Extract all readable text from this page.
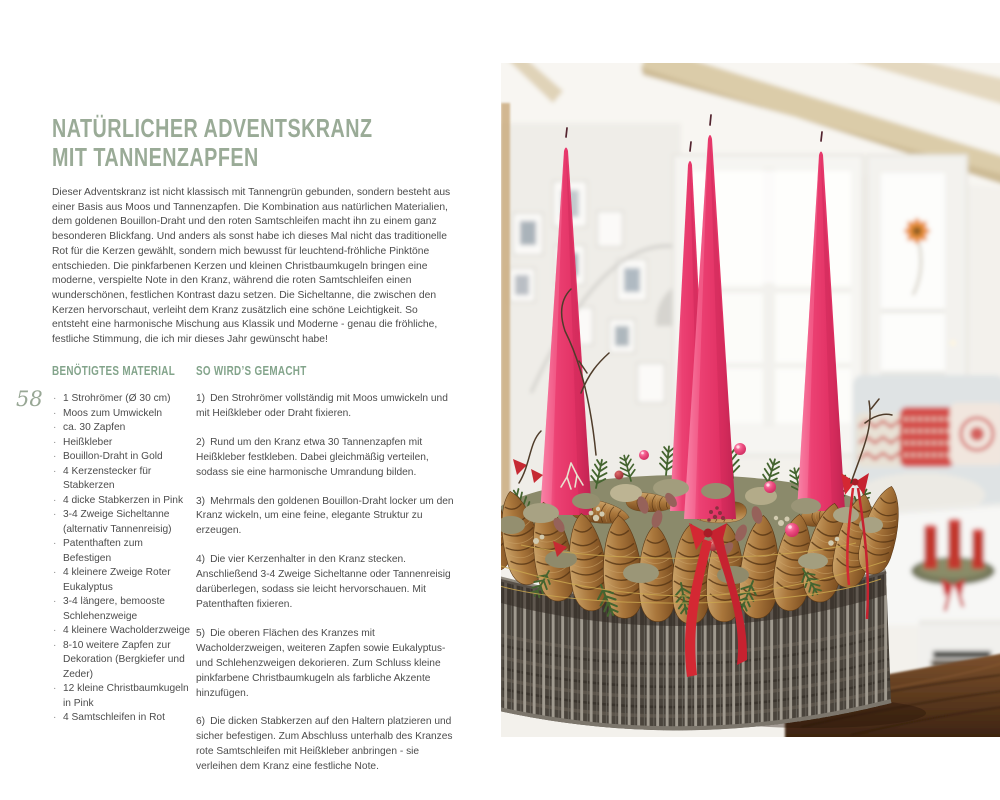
58
NATÜRLICHER ADVENTSKRANZ
MIT TANNENZAPFEN
Dieser Adventskranz ist nicht klassisch mit Tannengrün gebunden, sondern besteht aus einer Basis aus Moos und Tannenzapfen. Die Kombination aus natürlichen Materialien, dem goldenen Bouillon-Draht und den roten Samtschleifen macht ihn zu einem ganz besonderen Blickfang. Und anders als sonst habe ich dieses Mal nicht das traditionelle Rot für die Kerzen gewählt, sondern mich bewusst für leuchtend-fröhliche Pinktöne entschieden. Die pinkfarbenen Kerzen und kleinen Christbaumkugeln bringen eine moderne, verspielte Note in den Kranz, während die roten Samtschleifen einen wunderschönen, festlichen Kontrast dazu setzen. Die Sicheltanne, die zwischen den Kerzen hervorschaut, verleiht dem Kranz zusätzlich eine schöne Leichtigkeit. So entsteht eine harmonische Mischung aus Klassik und Moderne - genau die fröhliche, festliche Stimmung, die ich mir dieses Jahr gewünscht habe!
BENÖTIGTES MATERIAL SO WIRD’S GEMACHT
· 1 Strohrömer (Ø 30 cm)
· Moos zum Umwickeln
· ca. 30 Zapfen
· Heißkleber
· Bouillon-Draht in Gold
· 4 Kerzenstecker für Stabkerzen
· 4 dicke Stabkerzen in Pink
· 3-4 Zweige Sicheltanne (alternativ Tannenreisig)
· Patenthaften zum Befestigen
· 4 kleinere Zweige Roter Eukalyptus
· 3-4 längere, bemooste Schlehenzweige
· 4 kleinere Wacholderzweige
· 8-10 weitere Zapfen zur Dekoration (Bergkiefer und Zeder)
· 12 kleine Christbaumkugeln in Pink
· 4 Samtschleifen in Rot

1) Den Strohrömer vollständig mit Moos umwickeln und mit Heißkleber oder Draht fixieren.

2) Rund um den Kranz etwa 30 Tannenzapfen mit Heißkleber festkleben. Dabei gleichmäßig verteilen, sodass sie eine harmonische Umrandung bilden.

3) Mehrmals den goldenen Bouillon-Draht locker um den Kranz wickeln, um eine feine, elegante Struktur zu erzeugen.

4) Die vier Kerzenhalter in den Kranz stecken. Anschließend 3-4 Zweige Sicheltanne oder Tannenreisig darüberlegen, sodass sie leicht hervorschauen. Mit Patenthaften fixieren.

5) Die oberen Flächen des Kranzes mit Wacholderzweigen, weiteren Zapfen sowie Eukalyptus- und Schlehenzweigen dekorieren. Zum Schluss kleine pinkfarbene Christbaumkugeln als farbliche Akzente hinzufügen.

6) Die dicken Stabkerzen auf den Haltern platzieren und sicher befestigen. Zum Abschluss unterhalb des Kranzes rote Samtschleifen mit Heißkleber anbringen - sie verleihen dem Kranz eine festliche Note.
